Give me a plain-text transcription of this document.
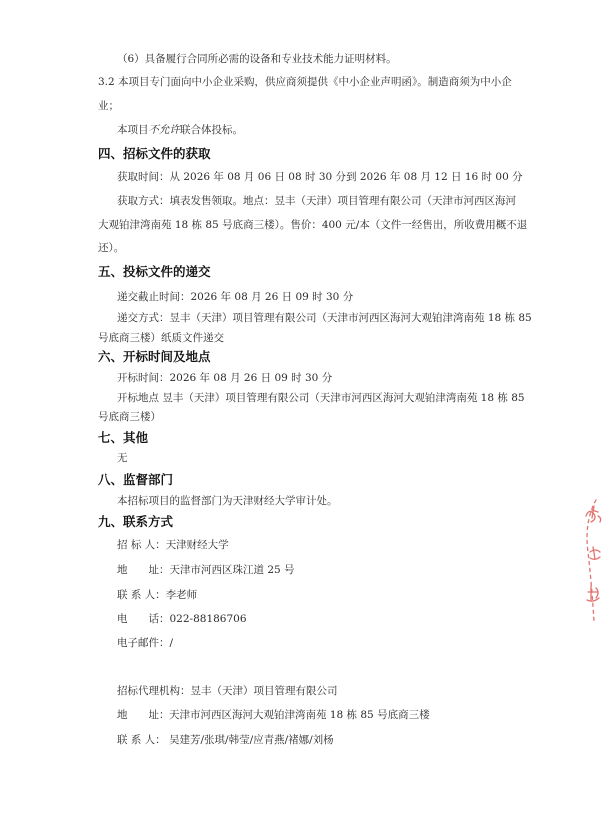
（6）具备履行合同所必需的设备和专业技术能力证明材料。
3.2 本项目专门面向中小企业采购，供应商须提供《中小企业声明函》。制造商须为中小企
业；
本项目不允许联合体投标。
四、招标文件的获取
获取时间：从 2026 年 08 月 06 日 08 时 30 分到 2026 年 08 月 12 日 16 时 00 分
获取方式：填表发售领取。地点：昱丰（天津）项目管理有限公司（天津市河西区海河
大观铂津湾南苑 18 栋 85 号底商三楼）。售价：400 元/本（文件一经售出，所收费用概不退
还）。
五、投标文件的递交
递交截止时间：2026 年 08 月 26 日 09 时 30 分
递交方式：昱丰（天津）项目管理有限公司（天津市河西区海河大观铂津湾南苑 18 栋 85
号底商三楼）纸质文件递交
六、开标时间及地点
开标时间：2026 年 08 月 26 日 09 时 30 分
开标地点 昱丰（天津）项目管理有限公司（天津市河西区海河大观铂津湾南苑 18 栋 85
号底商三楼）
七、其他
无
八、监督部门
本招标项目的监督部门为天津财经大学审计处。
九、联系方式
招 标 人：天津财经大学
地　　址：天津市河西区珠江道 25 号
联 系 人：李老师
电　　话：022-88186706
电子邮件：/
招标代理机构：昱丰（天津）项目管理有限公司
地　　址：天津市河西区海河大观铂津湾南苑 18 栋 85 号底商三楼
联 系 人： 吴建芳/张琪/韩莹/应青燕/褚娜/刘杨
